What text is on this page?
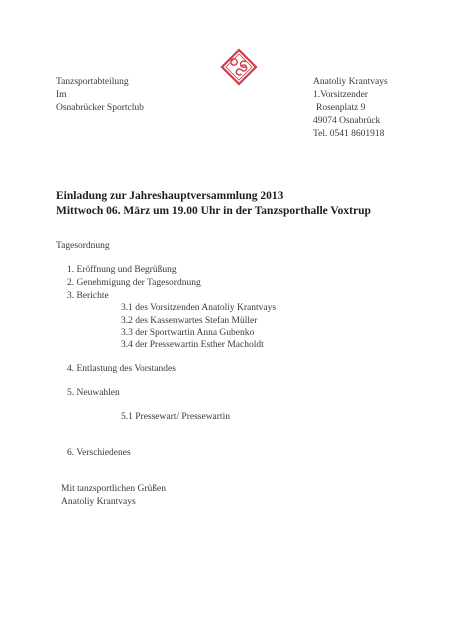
Tanzsportabteilung
Im
Osnabrücker Sportclub
Anatoliy Krantvays
1.Vorsitzender
Rosenplatz 9
49074 Osnabrück
Tel. 0541 8601918
Einladung zur Jahreshauptversammlung 2013
Mittwoch 06. März um 19.00 Uhr in der Tanzsporthalle Voxtrup
Tagesordnung
1. Eröffnung und Begrüßung
2. Genehmigung der Tagesordnung
3. Berichte
3.1 des Vorsitzenden Anatoliy Krantvays
3.2 des Kassenwartes Stefan Müller
3.3 der Sportwartin Anna Gubenko
3.4 der Pressewartin Esther Macholdt
4. Entlastung des Vorstandes
5. Neuwahlen
5.1 Pressewart/ Pressewartin
6. Verschiedenes
Mit tanzsportlichen Grüßen
Anatoliy Krantvays
